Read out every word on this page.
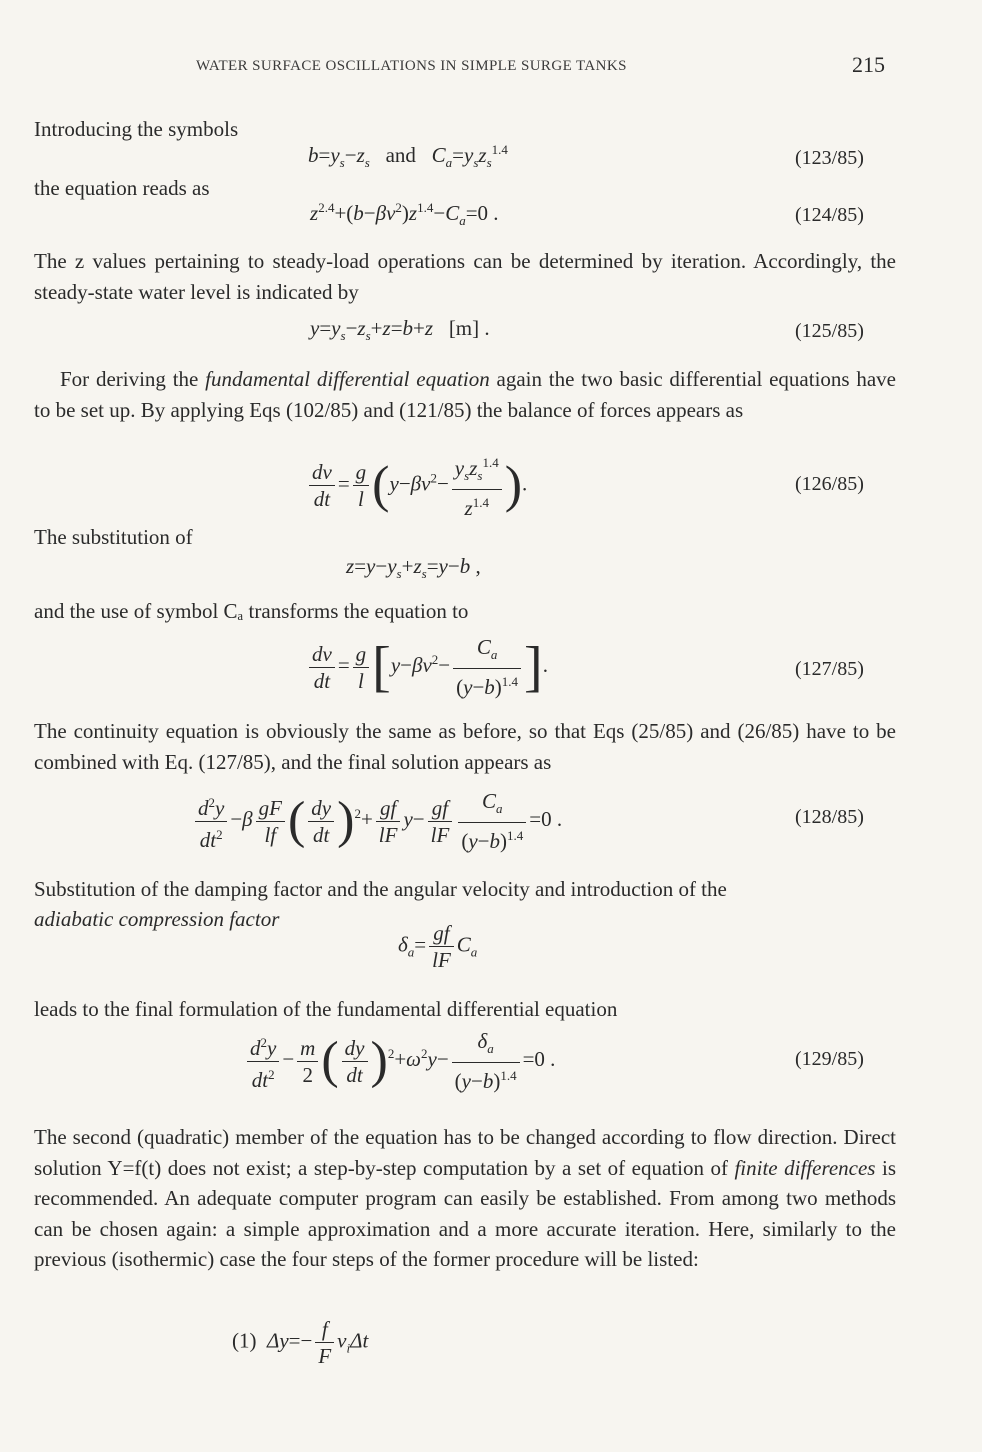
WATER SURFACE OSCILLATIONS IN SIMPLE SURGE TANKS	215
Introducing the symbols
$b=y_s-z_s$ and   $C_a=y_sz_s^{1.4}$	(123/85)
the equation reads as
$z^{2.4}+(b-\beta v^2)z^{1.4}-C_a=0$ .	(124/85)
The z values pertaining to steady-load operations can be determined by iteration. Accordingly, the steady-state water level is indicated by
$y=y_s-z_s+z=b+z$   [m] .	(125/85)
For deriving the fundamental differential equation again the two basic differential equations have to be set up. By applying Eqs (102/85) and (121/85) the balance of forces appears as
$\frac{dv}{dt} = \frac{g}{l} (y-\beta v^2- \frac{y_sz_s^{1.4}}{z^{1.4}}$ ).	(126/85)
The substitution of
$z=y-y_s+z_s=y-b$ ,
and the use of symbol Cₐ transforms the equation to
$\frac{dv}{dt} = \frac{g}{l} [y-\beta v^2- \frac{C_a}{(y-b)^{1.4}}$ ].	(127/85)
The continuity equation is obviously the same as before, so that Eqs (25/85) and (26/85) have to be combined with Eq. (127/85), and the final solution appears as
$\frac{d^2y}{dt^2} -\beta \frac{gF}{lf}$ ( $\frac{dy}{dt} )^2+ \frac{gf}{lF} y- \frac{gf}{lF} \frac{C_a}{(y-b)^{1.4}} =0$ .	(128/85)
Substitution of the damping factor and the angular velocity and introduction of the
adiabatic compression factor
$\delta_a= \frac{gf}{lF} C_a$
leads to the final formulation of the fundamental differential equation
$\frac{d^2y}{dt^2} - \frac{m}{2}$ ( $\frac{dy}{dt} )^2+\omega^2y- \frac{\delta_a}{(y-b)^{1.4}} =0$ .	(129/85)
The second (quadratic) member of the equation has to be changed according to flow direction. Direct solution Y=f(t) does not exist; a step-by-step computation by a set of equation of finite differences is recommended. An adequate computer program can easily be established. From among two methods can be chosen again: a simple approximation and a more accurate iteration. Here, similarly to the previous (isothermic) case the four steps of the former procedure will be listed:
(1)  $\Delta y=- \frac{f}{F} v_i\Delta t$
